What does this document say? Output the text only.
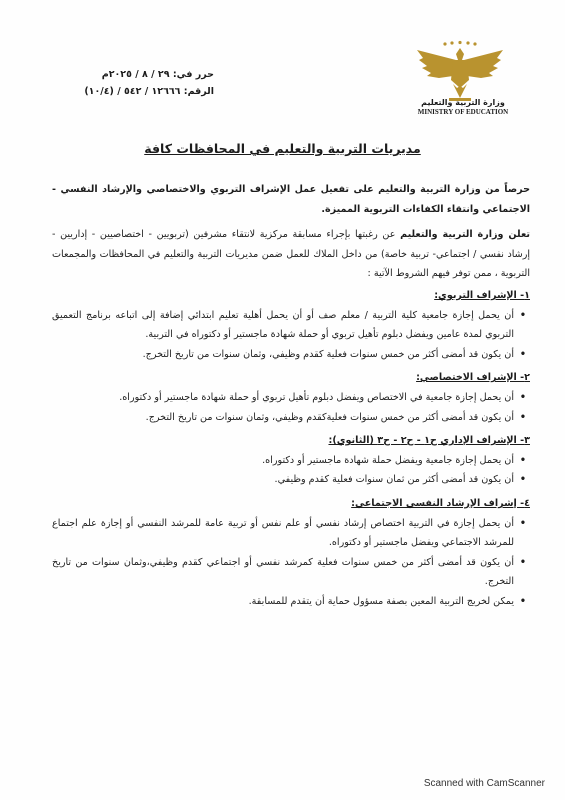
حرر في: ٢٩ / ٨ / ٢٠٢٥م
الرقم: ١٢٦٦٦ / ٥٤٢ / (١٠/٤)
وزارة التربية والتعليم
MINISTRY OF EDUCATION
مديريات التربية والتعليم في المحافظات كافة

حرصاً من وزارة التربية والتعليم على تفعيل عمل الإشراف التربوي والاختصاصي والإرشاد النفسي - الاجتماعي وانتقاء الكفاءات التربوية المميزة.

تعلن وزارة التربية والتعليم عن رغبتها بإجراء مسابقة مركزية لانتقاء مشرفين (تربويين - اختصاصيين - إداريين - إرشاد نفسي / اجتماعي- تربية خاصة) من داخل الملاك للعمل ضمن مديريات التربية والتعليم في المحافظات والمجمعات التربوية ، ممن توفر فيهم الشروط الآتية :

١- الإشراف التربوي:

• أن يحمل إجازة جامعية كلية التربية / معلم صف أو أن يحمل أهلية تعليم ابتدائي إضافة إلى اتباعه برنامج التعميق التربوي لمدة عامين ويفضل دبلوم تأهيل تربوي أو حملة شهادة ماجستير أو دكتوراه في التربية.
• أن يكون قد أمضى أكثر من خمس سنوات فعلية كقدم وظيفي، وثمان سنوات من تاريخ التخرج.

٢- الإشراف الاختصاصي:

• أن يحمل إجازة جامعية في الاختصاص ويفضل دبلوم تأهيل تربوي أو حملة شهادة ماجستير أو دكتوراه.
• أن يكون قد أمضى أكثر من خمس سنوات فعليةكقدم وظيفي، وثمان سنوات من تاريخ التخرج.

٣- الإشراف الإداري ح١ - ح٢ - ح٣ (الثانوي):

• أن يحمل إجازة جامعية ويفضل حملة شهادة ماجستير أو دكتوراه.
• أن يكون قد أمضى أكثر من ثمان سنوات فعلية كقدم وظيفي.

٤- إشراف الإرشاد النفسي الاجتماعي:

• أن يحمل إجازة في التربية اختصاص إرشاد نفسي أو علم نفس أو تربية عامة للمرشد النفسي أو إجازة علم اجتماع للمرشد الاجتماعي ويفضل ماجستير أو دكتوراه.
• أن يكون قد أمضى أكثر من خمس سنوات فعلية كمرشد نفسي أو اجتماعي كقدم وظيفي،وثمان سنوات من تاريخ التخرج.
• يمكن لخريج التربية المعين بصفة مسؤول حماية أن يتقدم للمسابقة.
Scanned with CamScanner
